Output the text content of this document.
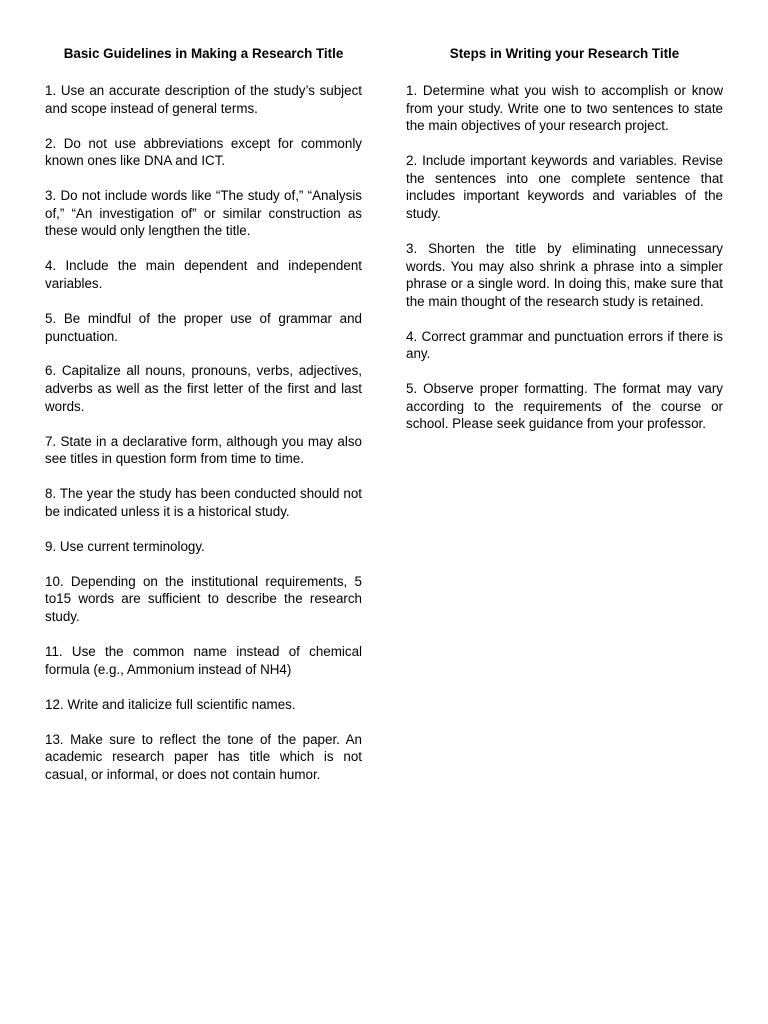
Basic Guidelines in Making a Research Title

1. Use an accurate description of the study’s subject and scope instead of general terms.

2. Do not use abbreviations except for commonly known ones like DNA and ICT.

3. Do not include words like “The study of,” “Analysis of,” “An investigation of” or similar construction as these would only lengthen the title.

4. Include the main dependent and independent variables.

5. Be mindful of the proper use of grammar and punctuation.

6. Capitalize all nouns, pronouns, verbs, adjectives, adverbs as well as the first letter of the first and last words.

7. State in a declarative form, although you may also see titles in question form from time to time.

8. The year the study has been conducted should not be indicated unless it is a historical study.

9. Use current terminology.

10. Depending on the institutional requirements, 5 to15 words are sufficient to describe the research study.

11. Use the common name instead of chemical formula (e.g., Ammonium instead of NH4)

12. Write and italicize full scientific names.

13. Make sure to reflect the tone of the paper. An academic research paper has title which is not casual, or informal, or does not contain humor.

Steps in Writing your Research Title

1. Determine what you wish to accomplish or know from your study. Write one to two sentences to state the main objectives of your research project.

2. Include important keywords and variables. Revise the sentences into one complete sentence that includes important keywords and variables of the study.

3. Shorten the title by eliminating unnecessary words. You may also shrink a phrase into a simpler phrase or a single word. In doing this, make sure that the main thought of the research study is retained.

4. Correct grammar and punctuation errors if there is any.

5. Observe proper formatting. The format may vary according to the requirements of the course or school. Please seek guidance from your professor.
